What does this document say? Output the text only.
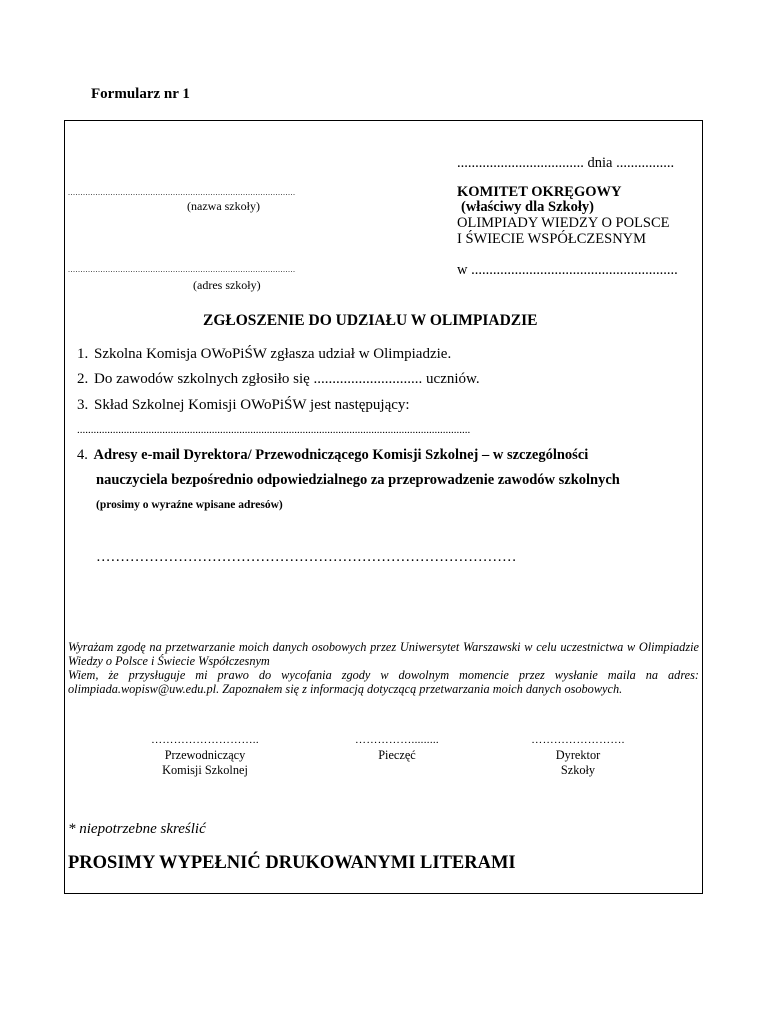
Formularz nr 1
................................... dnia ................
...........................................................................................
(nazwa szkoły)
KOMITET OKRĘGOWY
(właściwy dla Szkoły)
OLIMPIADY WIEDZY O POLSCE
I ŚWIECIE WSPÓŁCZESNYM
...........................................................................................
(adres szkoły)
w .........................................................
ZGŁOSZENIE DO UDZIAŁU W OLIMPIADZIE
1. Szkolna Komisja OWoPiŚW zgłasza udział w Olimpiadzie.
2. Do zawodów szkolnych zgłosiło się ............................. uczniów.
3. Skład Szkolnej Komisji OWoPiŚW jest następujący:
...............................................................................................................................................
4. Adresy e-mail Dyrektora/ Przewodniczącego Komisji Szkolnej – w szczególności
nauczyciela bezpośrednio odpowiedzialnego za przeprowadzenie zawodów szkolnych
(prosimy o wyraźne wpisane adresów)
……………………………………………………………………………

Wyrażam zgodę na przetwarzanie moich danych osobowych przez Uniwersytet Warszawski w celu uczestnictwa w Olimpiadzie Wiedzy o Polsce i Świecie Współczesnym

Wiem, że przysługuje mi prawo do wycofania zgody w dowolnym momencie przez wysłanie maila na adres: olimpiada.wopisw@uw.edu.pl. Zapoznałem się z informacją dotyczącą przetwarzania moich danych osobowych.

………………………..
Przewodniczący
Komisji Szkolnej
…………….........
Pieczęć
…………………….
Dyrektor
Szkoły
* niepotrzebne skreślić
PROSIMY WYPEŁNIĆ DRUKOWANYMI LITERAMI
